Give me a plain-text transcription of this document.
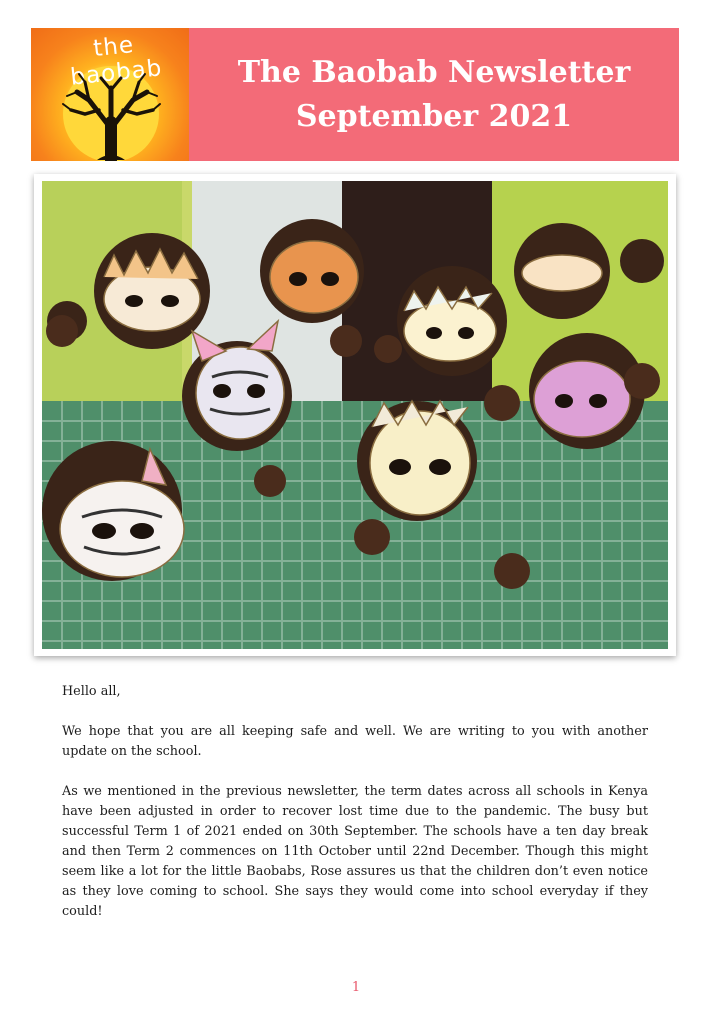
the baobab	The Baobab Newsletter
September 2021

Hello all,

We hope that you are all keeping safe and well. We are writing to you with another update on the school.

As we mentioned in the previous newsletter, the term dates across all schools in Kenya have been adjusted in order to recover lost time due to the pandemic. The busy but successful Term 1 of 2021 ended on 30th September. The schools have a ten day break and then Term 2 commences on 11th October until 22nd December. Though this might seem like a lot for the little Baobabs, Rose assures us that the children don’t even notice as they love coming to school. She says they would come into school everyday if they could!

1
